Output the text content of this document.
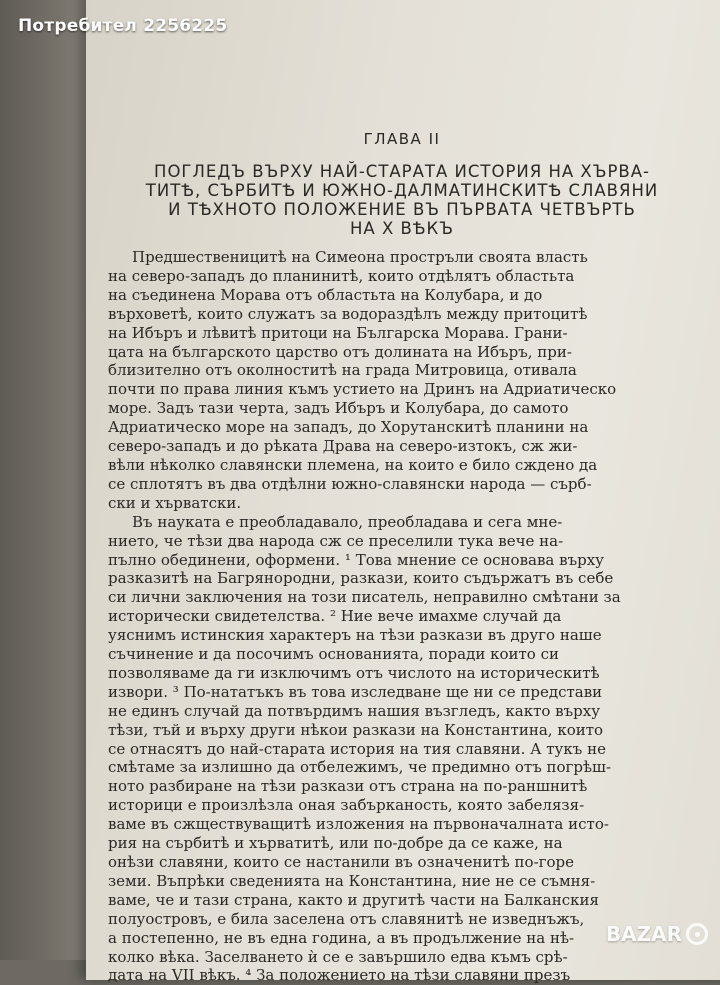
Потребител 2256225
ГЛАВА II
ПОГЛЕДЪ ВЪРХУ НАЙ-СТАРАТА ИСТОРИЯ НА ХЪРВА-
ТИТѢ, СЪРБИТѢ И ЮЖНО-ДАЛМАТИНСКИТѢ СЛАВЯНИ
И ТѢХНОТО ПОЛОЖЕНИЕ ВЪ ПЪРВАТА ЧЕТВЪРТЬ
НА X ВѢКЪ
Предшественицитѣ на Симеона простръли своята власть
на северо-западъ до планинитѣ, които отдѣлятъ областьта
на съединена Морава отъ областьта на Колубара, и до
върховетѣ, които служатъ за водораздѣлъ между притоцитѣ
на Ибъръ и лѣвитѣ притоци на Българска Морава. Грани-
цата на българското царство отъ долината на Ибъръ, при-
близително отъ околноститѣ на града Митровица, отивала
почти по права линия къмъ устието на Дринъ на Адриатическо
море. Задъ тази черта, задъ Ибъръ и Колубара, до самото
Адриатическо море на западъ, до Хорутанскитѣ планини на
северо-западъ и до рѣката Драва на северо-изтокъ, сж жи-
вѣли нѣколко славянски племена, на които е било сждено да
се сплотятъ въ два отдѣлни южно-славянски народа — сърб-
ски и хърватски.
Въ науката е преобладавало, преобладава и сега мне-
нието, че тѣзи два народа сж се преселили тука вече на-
пълно обединени, оформени. ¹ Това мнение се основава върху
разказитѣ на Багрянородни, разкази, които съдържатъ въ себе
си лични заключения на този писатель, неправилно смѣтани за
исторически свидетелства. ² Ние вече имахме случай да
уяснимъ истинския характеръ на тѣзи разкази въ друго наше
съчинение и да посочимъ основанията, поради които си
позволяваме да ги изключимъ отъ числото на историческитѣ
извори. ³ По-нататъкъ въ това изследване ще ни се представи
не единъ случай да потвърдимъ нашия възгледъ, както върху
тѣзи, тъй и върху други нѣкои разкази на Константина, които
се отнасятъ до най-старата история на тия славяни. А тукъ не
смѣтаме за излишно да отбележимъ, че предимно отъ погрѣш-
ното разбиране на тѣзи разкази отъ страна на по-раншнитѣ
историци е произлѣзла оная забърканость, която забелязя-
ваме въ сжществуващитѣ изложения на първоначалната исто-
рия на сърбитѣ и хърватитѣ, или по-добре да се каже, на
онѣзи славяни, които се настанили въ означенитѣ по-горе
земи. Въпрѣки сведенията на Константина, ние не се съмня-
ваме, че и тази страна, както и другитѣ части на Балканския
полуостровъ, е била заселена отъ славянитѣ не изведнъжъ,
а постепенно, не въ една година, а въ продължение на нѣ-
колко вѣка. Заселването ѝ се е завършило едва къмъ срѣ-
дата на VII вѣкъ. ⁴ За положението на тѣзи славяни презъ
BAZAR
